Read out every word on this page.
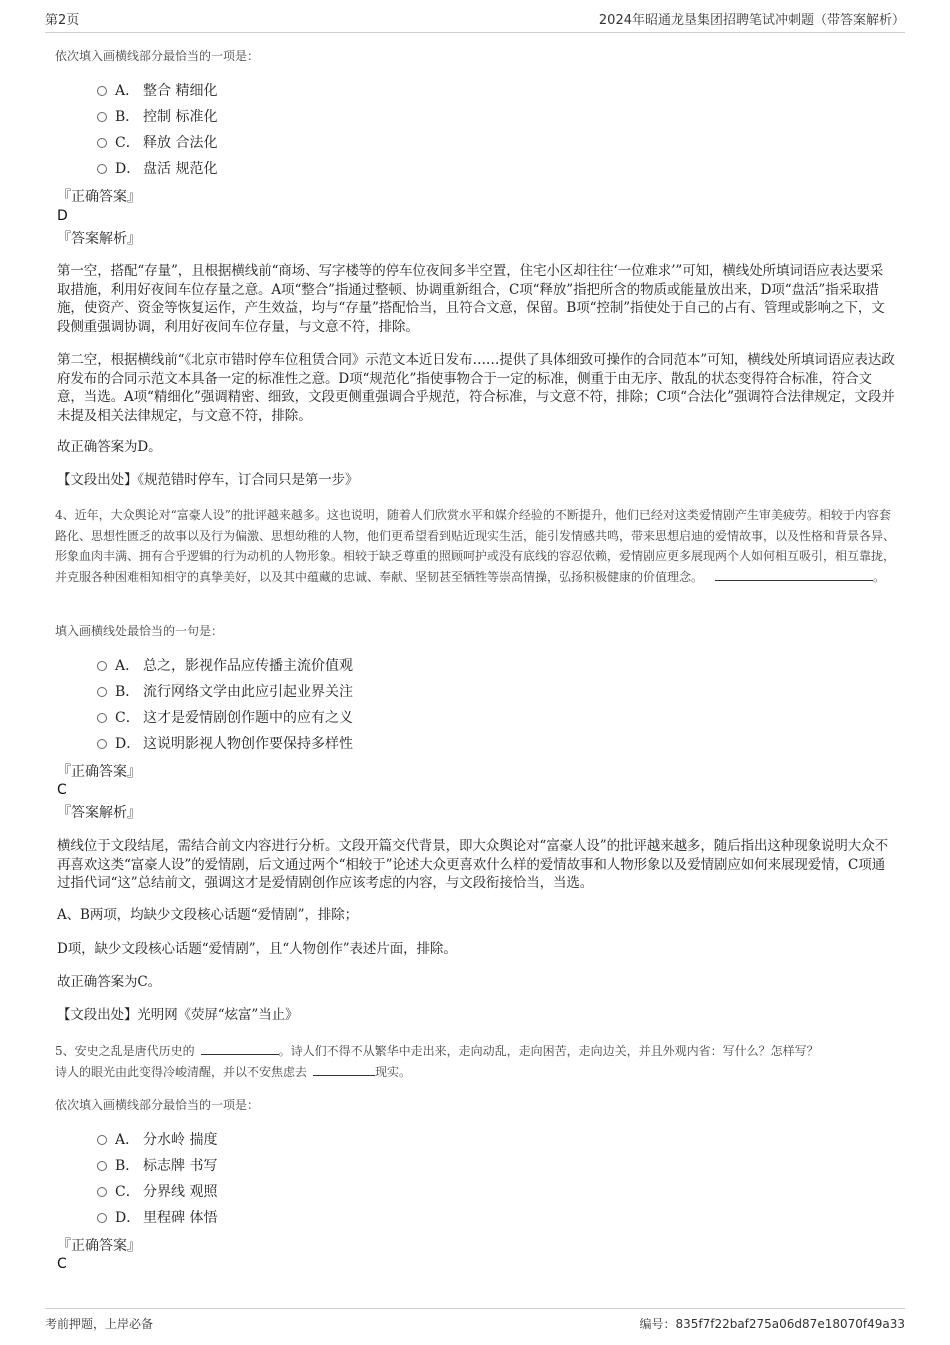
第2页	2024年昭通龙垦集团招聘笔试冲刺题（带答案解析）
依次填入画横线部分最恰当的一项是：
A． 整合 精细化
B． 控制 标准化
C． 释放 合法化
D． 盘活 规范化
『正确答案』
D
『答案解析』
第一空，搭配“存量”，且根据横线前“商场、写字楼等的停车位夜间多半空置，住宅小区却往往‘一位难求’”可知，横线处所填词语应表达要采取措施，利用好夜间车位存量之意。A项“整合”指通过整顿、协调重新组合，C项“释放”指把所含的物质或能量放出来，D项“盘活”指采取措施，使资产、资金等恢复运作，产生效益，均与“存量”搭配恰当，且符合文意，保留。B项“控制”指使处于自己的占有、管理或影响之下，文段侧重强调协调，利用好夜间车位存量，与文意不符，排除。
第二空，根据横线前“《北京市错时停车位租赁合同》示范文本近日发布……提供了具体细致可操作的合同范本”可知，横线处所填词语应表达政府发布的合同示范文本具备一定的标准性之意。D项“规范化”指使事物合于一定的标准，侧重于由无序、散乱的状态变得符合标准，符合文意，当选。A项“精细化”强调精密、细致，文段更侧重强调合乎规范，符合标准，与文意不符，排除；C项“合法化”强调符合法律规定，文段并未提及相关法律规定，与文意不符，排除。
故正确答案为D。
【文段出处】《规范错时停车，订合同只是第一步》
4、近年，大众舆论对“富豪人设”的批评越来越多。这也说明，随着人们欣赏水平和媒介经验的不断提升，他们已经对这类爱情剧产生审美疲劳。相较于内容套路化、思想性匮乏的故事以及行为偏激、思想幼稚的人物，他们更希望看到贴近现实生活，能引发情感共鸣，带来思想启迪的爱情故事，以及性格和背景各异、形象血肉丰满、拥有合乎逻辑的行为动机的人物形象。相较于缺乏尊重的照顾呵护或没有底线的容忍依赖，爱情剧应更多展现两个人如何相互吸引，相互靠拢，并克服各种困难相知相守的真挚美好，以及其中蕴藏的忠诚、奉献、坚韧甚至牺牲等崇高情操，弘扬积极健康的价值理念。	。
填入画横线处最恰当的一句是：
A． 总之，影视作品应传播主流价值观
B． 流行网络文学由此应引起业界关注
C． 这才是爱情剧创作题中的应有之义
D． 这说明影视人物创作要保持多样性
『正确答案』
C
『答案解析』
横线位于文段结尾，需结合前文内容进行分析。文段开篇交代背景，即大众舆论对“富豪人设”的批评越来越多，随后指出这种现象说明大众不再喜欢这类“富豪人设”的爱情剧，后文通过两个“相较于”论述大众更喜欢什么样的爱情故事和人物形象以及爱情剧应如何来展现爱情，C项通过指代词“这”总结前文，强调这才是爱情剧创作应该考虑的内容，与文段衔接恰当，当选。
A、B两项，均缺少文段核心话题“爱情剧”，排除；
D项，缺少文段核心话题“爱情剧”，且“人物创作”表述片面，排除。
故正确答案为C。
【文段出处】光明网《荧屏“炫富”当止》
5、安史之乱是唐代历史的	。诗人们不得不从繁华中走出来，走向动乱，走向困苦，走向边关，并且外观内省：写什么？怎样写？
诗人的眼光由此变得冷峻清醒，并以不安焦虑去	现实。
依次填入画横线部分最恰当的一项是：
A． 分水岭 揣度
B． 标志牌 书写
C． 分界线 观照
D． 里程碑 体悟
『正确答案』
C
考前押题，上岸必备	编号：835f7f22baf275a06d87e18070f49a33
